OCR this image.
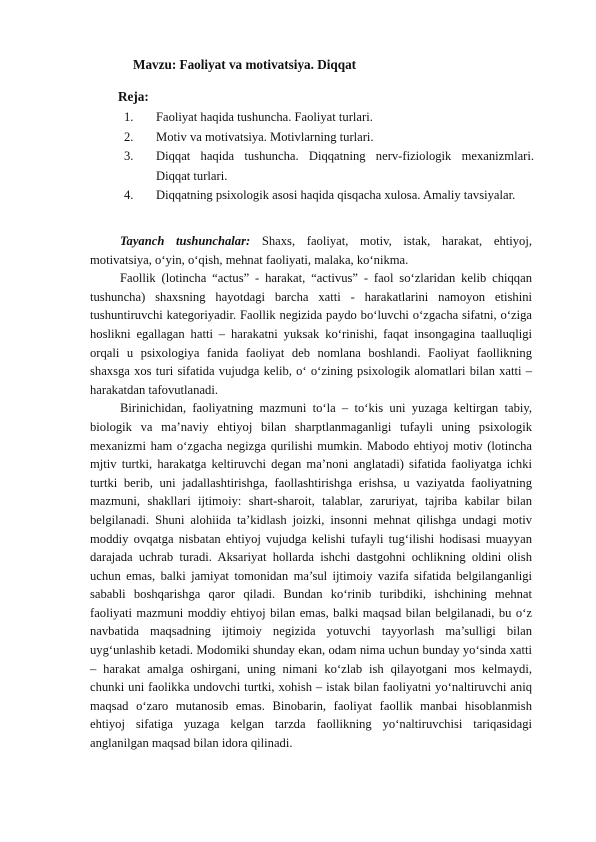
Mavzu: Faoliyat va motivatsiya. Diqqat

Reja:

1.	Faoliyat haqida tushuncha. Faoliyat turlari.
2.	Motiv va motivatsiya. Motivlarning turlari.
3.	Diqqat haqida tushuncha. Diqqatning nerv-fiziologik mexanizmlari. Diqqat turlari.
4.	Diqqatning psixologik asosi haqida qisqacha xulosa. Amaliy tavsiyalar.

Tayanch tushunchalar: Shaxs, faoliyat, motiv, istak, harakat, ehtiyoj, motivatsiya, o‘yin, o‘qish, mehnat faoliyati, malaka, ko‘nikma.

Faollik (lotincha “actus” - harakat, “activus” - faol so‘zlaridan kelib chiqqan tushuncha) shaxsning hayotdagi barcha xatti - harakatlarini namoyon etishini tushuntiruvchi kategoriyadir. Faollik negizida paydo bo‘luvchi o‘zgacha sifatni, o‘ziga hoslikni egallagan hatti – harakatni yuksak ko‘rinishi, faqat insongagina taalluqligi orqali u psixologiya fanida faoliyat deb nomlana boshlandi. Faoliyat faollikning shaxsga xos turi sifatida vujudga kelib, o‘ o‘zining psixologik alomatlari bilan xatti – harakatdan tafovutlanadi.

Birinichidan, faoliyatning mazmuni to‘la – to‘kis uni yuzaga keltirgan tabiy, biologik va ma’naviy ehtiyoj bilan sharptlanmaganligi tufayli uning psixologik mexanizmi ham o‘zgacha negizga qurilishi mumkin. Mabodo ehtiyoj motiv (lotincha mjtiv turtki, harakatga keltiruvchi degan ma’noni anglatadi) sifatida faoliyatga ichki turtki berib, uni jadallashtirishga, faollashtirishga erishsa, u vaziyatda faoliyatning mazmuni, shakllari ijtimoiy: shart-sharoit, talablar, zaruriyat, tajriba kabilar bilan belgilanadi. Shuni alohiida ta’kidlash joizki, insonni mehnat qilishga undagi motiv moddiy ovqatga nisbatan ehtiyoj vujudga kelishi tufayli tug‘ilishi hodisasi muayyan darajada uchrab turadi. Aksariyat hollarda ishchi dastgohni ochlikning oldini olish uchun emas, balki jamiyat tomonidan ma’sul ijtimoiy vazifa sifatida belgilanganligi sababli boshqarishga qaror qiladi. Bundan ko‘rinib turibdiki, ishchining mehnat faoliyati mazmuni moddiy ehtiyoj bilan emas, balki maqsad bilan belgilanadi, bu o‘z navbatida maqsadning ijtimoiy negizida yotuvchi tayyorlash ma’sulligi bilan uyg‘unlashib ketadi. Modomiki shunday ekan, odam nima uchun bunday yo‘sinda xatti – harakat amalga oshirgani, uning nimani ko‘zlab ish qilayotgani mos kelmaydi, chunki uni faolikka undovchi turtki, xohish – istak bilan faoliyatni yo‘naltiruvchi aniq maqsad o‘zaro mutanosib emas. Binobarin, faoliyat faollik manbai hisoblanmish ehtiyoj sifatiga yuzaga kelgan tarzda faollikning yo‘naltiruvchisi tariqasidagi anglanilgan maqsad bilan idora qilinadi.
